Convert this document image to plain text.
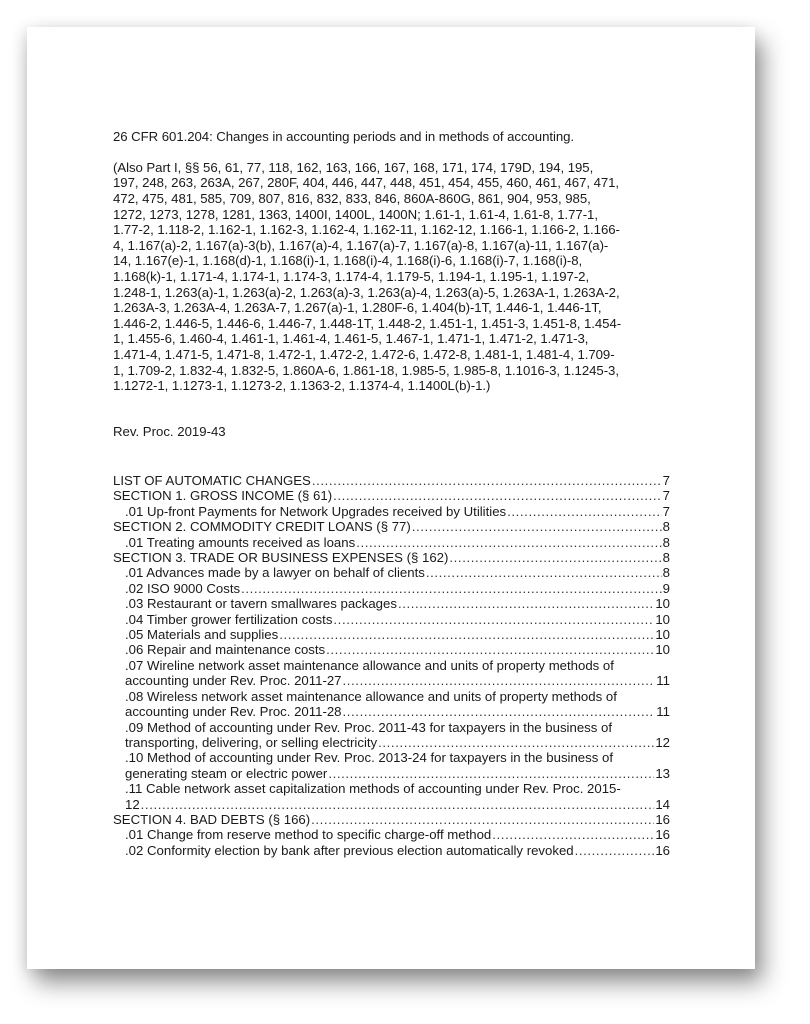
26 CFR 601.204: Changes in accounting periods and in methods of accounting.

(Also Part I, §§ 56, 61, 77, 118, 162, 163, 166, 167, 168, 171, 174, 179D, 194, 195,
197, 248, 263, 263A, 267, 280F, 404, 446, 447, 448, 451, 454, 455, 460, 461, 467, 471,
472, 475, 481, 585, 709, 807, 816, 832, 833, 846, 860A-860G, 861, 904, 953, 985,
1272, 1273, 1278, 1281, 1363, 1400I, 1400L, 1400N; 1.61-1, 1.61-4, 1.61-8, 1.77-1,
1.77-2, 1.118-2, 1.162-1, 1.162-3, 1.162-4, 1.162-11, 1.162-12, 1.166-1, 1.166-2, 1.166-
4, 1.167(a)-2, 1.167(a)-3(b), 1.167(a)-4, 1.167(a)-7, 1.167(a)-8, 1.167(a)-11, 1.167(a)-
14, 1.167(e)-1, 1.168(d)-1, 1.168(i)-1, 1.168(i)-4, 1.168(i)-6, 1.168(i)-7, 1.168(i)-8,
1.168(k)-1, 1.171-4, 1.174-1, 1.174-3, 1.174-4, 1.179-5, 1.194-1, 1.195-1, 1.197-2,
1.248-1, 1.263(a)-1, 1.263(a)-2, 1.263(a)-3, 1.263(a)-4, 1.263(a)-5, 1.263A-1, 1.263A-2,
1.263A-3, 1.263A-4, 1.263A-7, 1.267(a)-1, 1.280F-6, 1.404(b)-1T, 1.446-1, 1.446-1T,
1.446-2, 1.446-5, 1.446-6, 1.446-7, 1.448-1T, 1.448-2, 1.451-1, 1.451-3, 1.451-8, 1.454-
1, 1.455-6, 1.460-4, 1.461-1, 1.461-4, 1.461-5, 1.467-1, 1.471-1, 1.471-2, 1.471-3,
1.471-4, 1.471-5, 1.471-8, 1.472-1, 1.472-2, 1.472-6, 1.472-8, 1.481-1, 1.481-4, 1.709-
1, 1.709-2, 1.832-4, 1.832-5, 1.860A-6, 1.861-18, 1.985-5, 1.985-8, 1.1016-3, 1.1245-3,
1.1272-1, 1.1273-1, 1.1273-2, 1.1363-2, 1.1374-4, 1.1400L(b)-1.)

Rev. Proc. 2019-43
LIST OF AUTOMATIC CHANGES .....	7
SECTION 1. GROSS INCOME (§ 61) .....	7
.01 Up-front Payments for Network Upgrades received by Utilities .....	7
SECTION 2. COMMODITY CREDIT LOANS (§ 77) .....	8
.01 Treating amounts received as loans .....	8
SECTION 3. TRADE OR BUSINESS EXPENSES (§ 162) .....	8
.01 Advances made by a lawyer on behalf of clients .....	8
.02 ISO 9000 Costs .....	9
.03 Restaurant or tavern smallwares packages .....	10
.04 Timber grower fertilization costs .....	10
.05 Materials and supplies .....	10
.06 Repair and maintenance costs .....	10
.07 Wireline network asset maintenance allowance and units of property methods of
accounting under Rev. Proc. 2011-27 .....	11
.08 Wireless network asset maintenance allowance and units of property methods of
accounting under Rev. Proc. 2011-28 .....	11
.09 Method of accounting under Rev. Proc. 2011-43 for taxpayers in the business of
transporting, delivering, or selling electricity .....	12
.10 Method of accounting under Rev. Proc. 2013-24 for taxpayers in the business of
generating steam or electric power .....	13
.11 Cable network asset capitalization methods of accounting under Rev. Proc. 2015-
12 .....	14
SECTION 4. BAD DEBTS (§ 166) .....	16
.01 Change from reserve method to specific charge-off method .....	16
.02 Conformity election by bank after previous election automatically revoked .....	16
